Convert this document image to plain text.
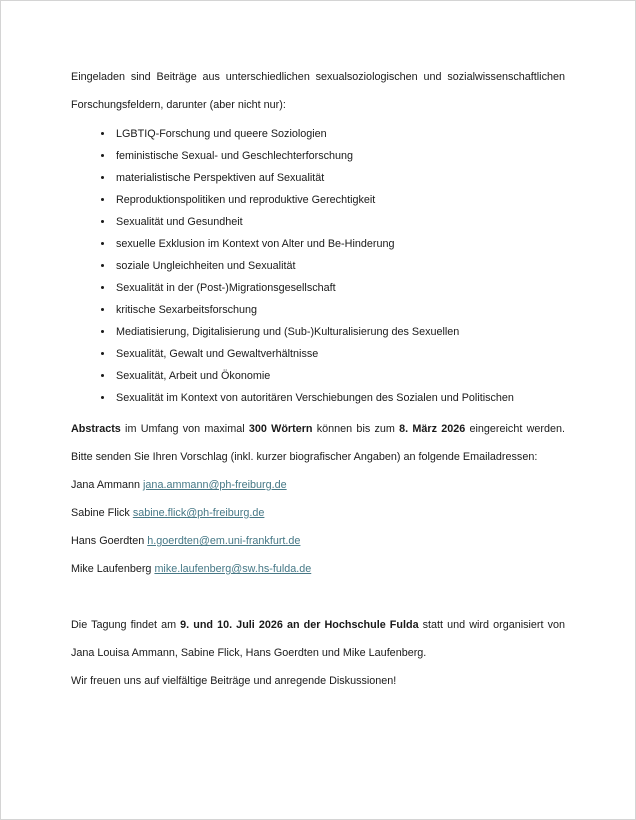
Eingeladen sind Beiträge aus unterschiedlichen sexualsoziologischen und sozialwissenschaftlichen Forschungsfeldern, darunter (aber nicht nur):

• LGBTIQ-Forschung und queere Soziologien
• feministische Sexual- und Geschlechterforschung
• materialistische Perspektiven auf Sexualität
• Reproduktionspolitiken und reproduktive Gerechtigkeit
• Sexualität und Gesundheit
• sexuelle Exklusion im Kontext von Alter und Be-Hinderung
• soziale Ungleichheiten und Sexualität
• Sexualität in der (Post-)Migrationsgesellschaft
• kritische Sexarbeitsforschung
• Mediatisierung, Digitalisierung und (Sub-)Kulturalisierung des Sexuellen
• Sexualität, Gewalt und Gewaltverhältnisse
• Sexualität, Arbeit und Ökonomie
• Sexualität im Kontext von autoritären Verschiebungen des Sozialen und Politischen

Abstracts im Umfang von maximal 300 Wörtern können bis zum 8. März 2026 eingereicht werden. Bitte senden Sie Ihren Vorschlag (inkl. kurzer biografischer Angaben) an folgende Emailadressen:

Jana Ammann jana.ammann@ph-freiburg.de

Sabine Flick sabine.flick@ph-freiburg.de

Hans Goerdten h.goerdten@em.uni-frankfurt.de

Mike Laufenberg mike.laufenberg@sw.hs-fulda.de

Die Tagung findet am 9. und 10. Juli 2026 an der Hochschule Fulda statt und wird organisiert von Jana Louisa Ammann, Sabine Flick, Hans Goerdten und Mike Laufenberg.

Wir freuen uns auf vielfältige Beiträge und anregende Diskussionen!
